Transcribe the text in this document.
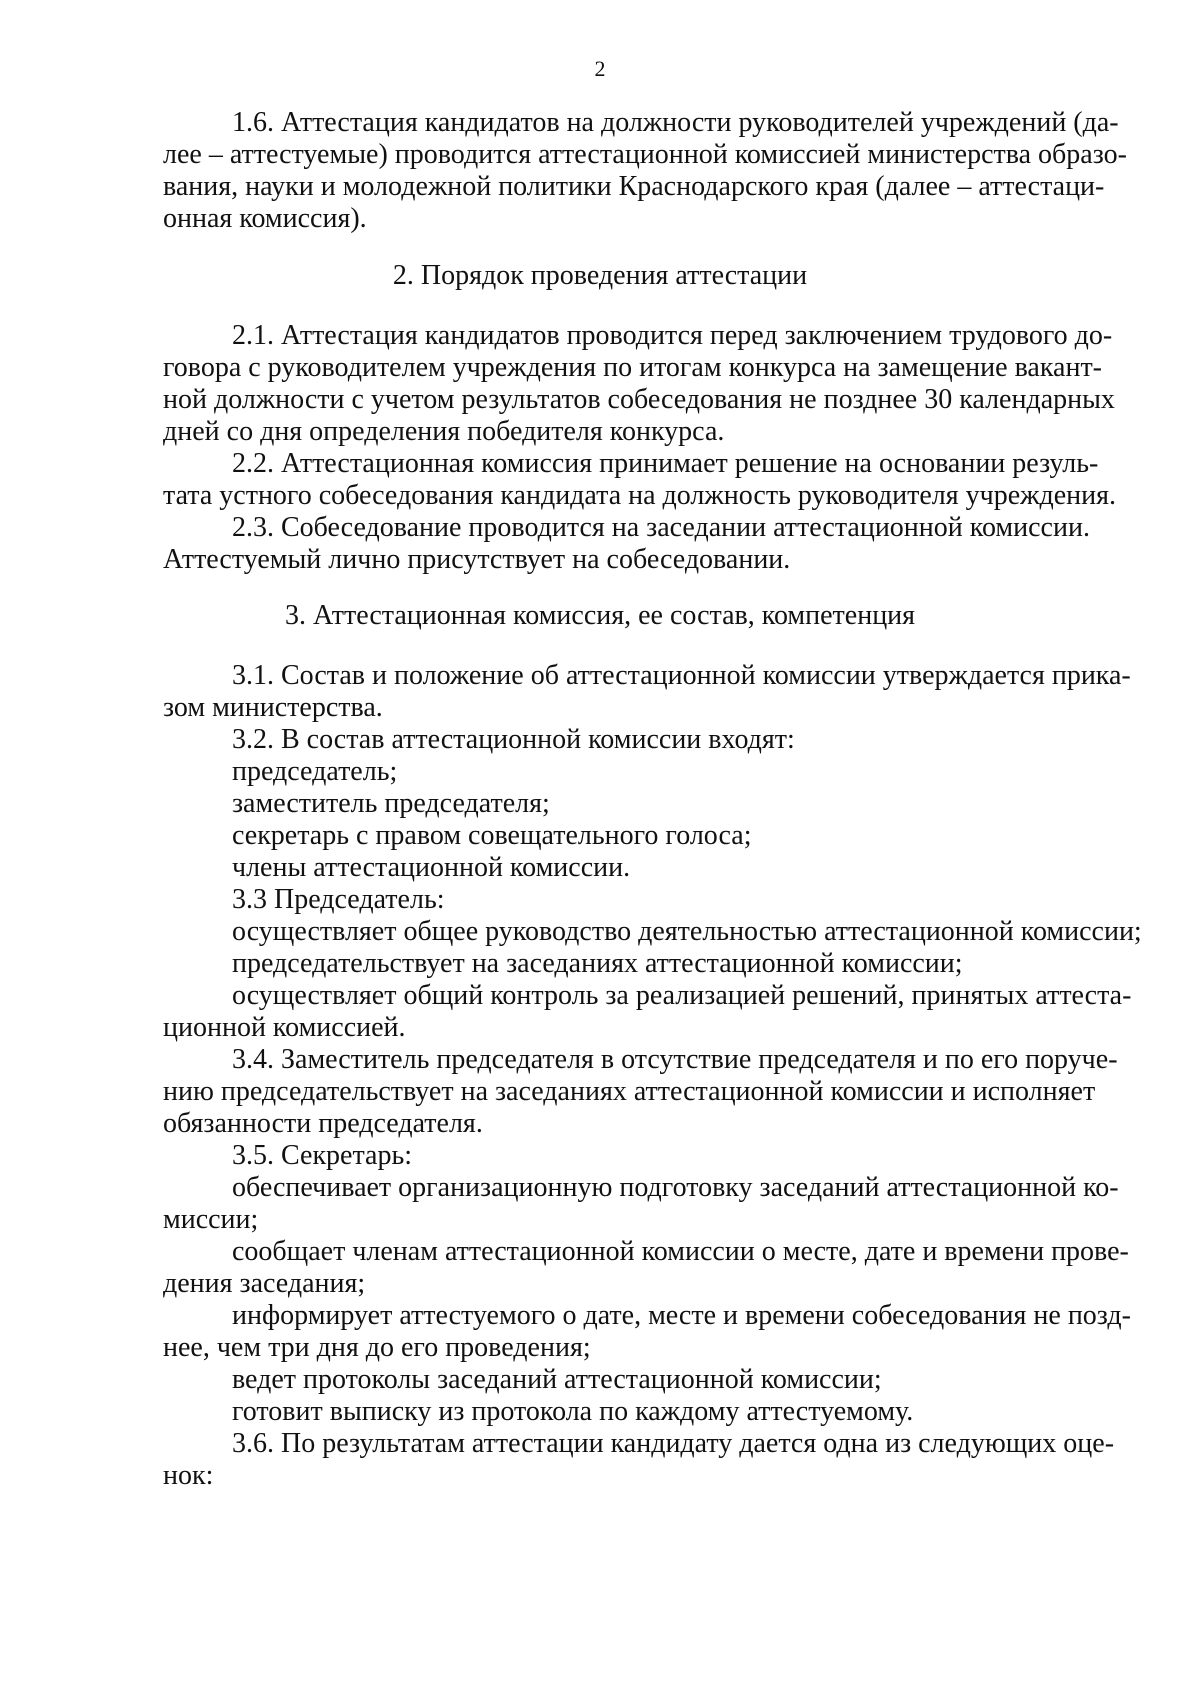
2
1.6. Аттестация кандидатов на должности руководителей учреждений (да-
лее – аттестуемые) проводится аттестационной комиссией министерства образо-
вания, науки и молодежной политики Краснодарского края (далее – аттестаци-
онная комиссия).
2. Порядок проведения аттестации
2.1. Аттестация кандидатов проводится перед заключением трудового до-
говора с руководителем учреждения по итогам конкурса на замещение вакант-
ной должности с учетом результатов собеседования не позднее 30 календарных
дней со дня определения победителя конкурса.
2.2. Аттестационная комиссия принимает решение на основании резуль-
тата устного собеседования кандидата на должность руководителя учреждения.
2.3. Собеседование проводится на заседании аттестационной комиссии.
Аттестуемый лично присутствует на собеседовании.
3. Аттестационная комиссия, ее состав, компетенция
3.1. Состав и положение об аттестационной комиссии утверждается прика-
зом министерства.
3.2. В состав аттестационной комиссии входят:
председатель;
заместитель председателя;
секретарь с правом совещательного голоса;
члены аттестационной комиссии.
3.3 Председатель:
осуществляет общее руководство деятельностью аттестационной комиссии;
председательствует на заседаниях аттестационной комиссии;
осуществляет общий контроль за реализацией решений, принятых аттеста-
ционной комиссией.
3.4. Заместитель председателя в отсутствие председателя и по его поруче-
нию председательствует на заседаниях аттестационной комиссии и исполняет
обязанности председателя.
3.5. Секретарь:
обеспечивает организационную подготовку заседаний аттестационной ко-
миссии;
сообщает членам аттестационной комиссии о месте, дате и времени прове-
дения заседания;
информирует аттестуемого о дате, месте и времени собеседования не позд-
нее, чем три дня до его проведения;
ведет протоколы заседаний аттестационной комиссии;
готовит выписку из протокола по каждому аттестуемому.
3.6. По результатам аттестации кандидату дается одна из следующих оце-
нок:
